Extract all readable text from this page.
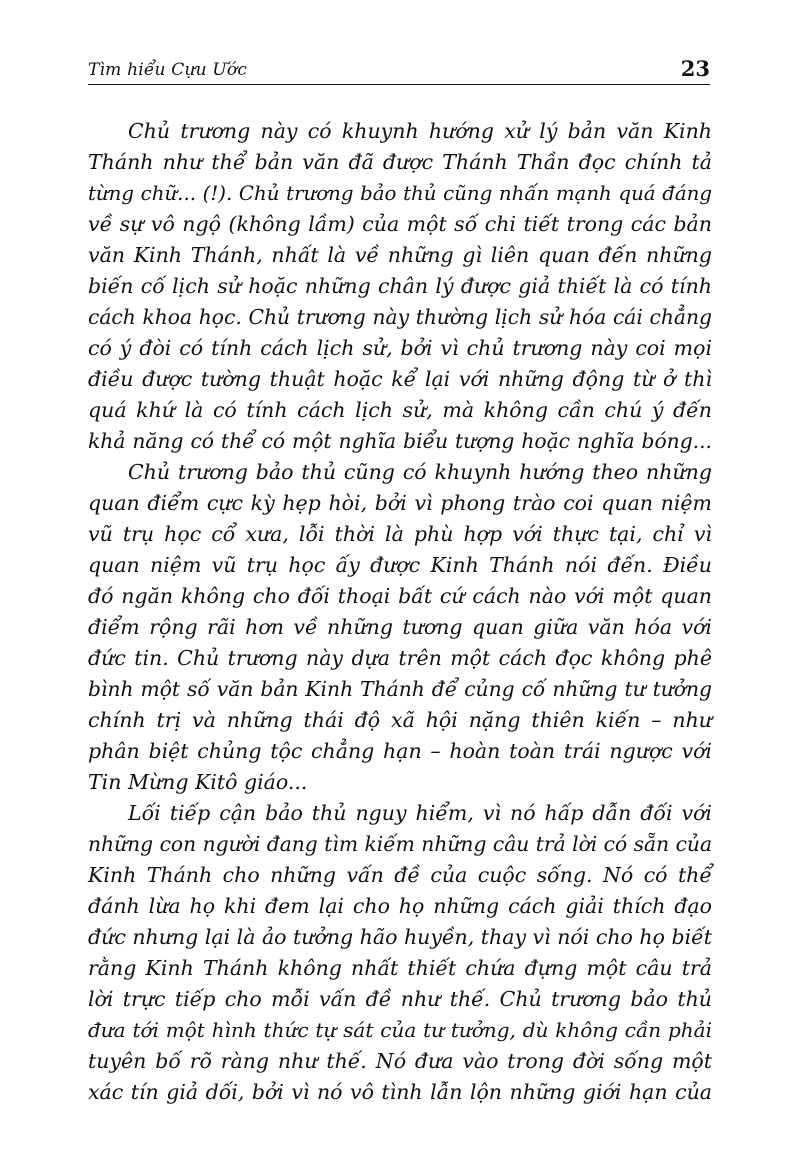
Tìm hiểu Cựu Ước	23
Chủ trương này có khuynh hướng xử lý bản văn Kinh
Thánh như thể bản văn đã được Thánh Thần đọc chính tả
từng chữ... (!). Chủ trương bảo thủ cũng nhấn mạnh quá đáng
về sự vô ngộ (không lầm) của một số chi tiết trong các bản
văn Kinh Thánh, nhất là về những gì liên quan đến những
biến cố lịch sử hoặc những chân lý được giả thiết là có tính
cách khoa học. Chủ trương này thường lịch sử hóa cái chẳng
có ý đòi có tính cách lịch sử, bởi vì chủ trương này coi mọi
điều được tường thuật hoặc kể lại với những động từ ở thì
quá khứ là có tính cách lịch sử, mà không cần chú ý đến
khả năng có thể có một nghĩa biểu tượng hoặc nghĩa bóng...
Chủ trương bảo thủ cũng có khuynh hướng theo những
quan điểm cực kỳ hẹp hòi, bởi vì phong trào coi quan niệm
vũ trụ học cổ xưa, lỗi thời là phù hợp với thực tại, chỉ vì
quan niệm vũ trụ học ấy được Kinh Thánh nói đến. Điều
đó ngăn không cho đối thoại bất cứ cách nào với một quan
điểm rộng rãi hơn về những tương quan giữa văn hóa với
đức tin. Chủ trương này dựa trên một cách đọc không phê
bình một số văn bản Kinh Thánh để củng cố những tư tưởng
chính trị và những thái độ xã hội nặng thiên kiến – như
phân biệt chủng tộc chẳng hạn – hoàn toàn trái ngược với
Tin Mừng Kitô giáo...
Lối tiếp cận bảo thủ nguy hiểm, vì nó hấp dẫn đối với
những con người đang tìm kiếm những câu trả lời có sẵn của
Kinh Thánh cho những vấn đề của cuộc sống. Nó có thể
đánh lừa họ khi đem lại cho họ những cách giải thích đạo
đức nhưng lại là ảo tưởng hão huyền, thay vì nói cho họ biết
rằng Kinh Thánh không nhất thiết chứa đựng một câu trả
lời trực tiếp cho mỗi vấn đề như thế. Chủ trương bảo thủ
đưa tới một hình thức tự sát của tư tưởng, dù không cần phải
tuyên bố rõ ràng như thế. Nó đưa vào trong đời sống một
xác tín giả dối, bởi vì nó vô tình lẫn lộn những giới hạn của
